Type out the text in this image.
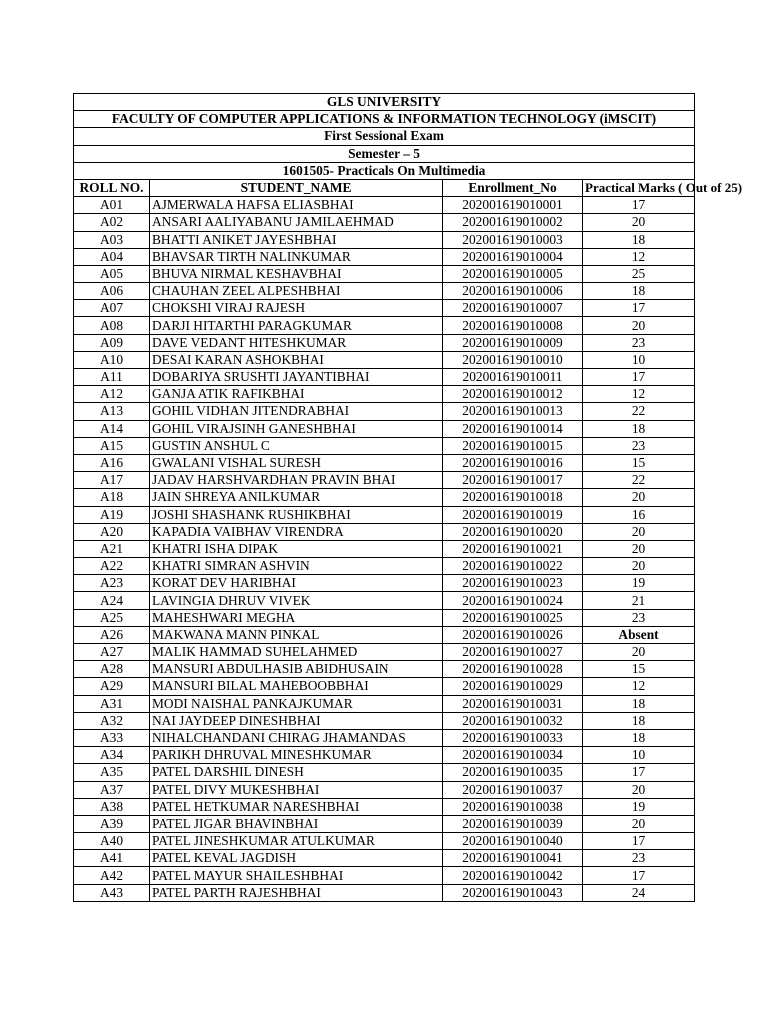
GLS UNIVERSITY			
FACULTY OF COMPUTER APPLICATIONS & INFORMATION TECHNOLOGY (iMSCIT)			
First Sessional Exam			
Semester – 5			
1601505- Practicals On Multimedia			
ROLL NO.	STUDENT_NAME	Enrollment_No	Practical Marks ( Out of 25)
A01	AJMERWALA HAFSA ELIASBHAI	202001619010001	17
A02	ANSARI AALIYABANU JAMILAEHMAD	202001619010002	20
A03	BHATTI ANIKET JAYESHBHAI	202001619010003	18
A04	BHAVSAR TIRTH NALINKUMAR	202001619010004	12
A05	BHUVA NIRMAL KESHAVBHAI	202001619010005	25
A06	CHAUHAN ZEEL ALPESHBHAI	202001619010006	18
A07	CHOKSHI VIRAJ RAJESH	202001619010007	17
A08	DARJI HITARTHI PARAGKUMAR	202001619010008	20
A09	DAVE VEDANT HITESHKUMAR	202001619010009	23
A10	DESAI KARAN ASHOKBHAI	202001619010010	10
A11	DOBARIYA SRUSHTI JAYANTIBHAI	202001619010011	17
A12	GANJA ATIK RAFIKBHAI	202001619010012	12
A13	GOHIL VIDHAN JITENDRABHAI	202001619010013	22
A14	GOHIL VIRAJSINH GANESHBHAI	202001619010014	18
A15	GUSTIN ANSHUL C	202001619010015	23
A16	GWALANI VISHAL SURESH	202001619010016	15
A17	JADAV HARSHVARDHAN PRAVIN BHAI	202001619010017	22
A18	JAIN SHREYA ANILKUMAR	202001619010018	20
A19	JOSHI SHASHANK RUSHIKBHAI	202001619010019	16
A20	KAPADIA VAIBHAV VIRENDRA	202001619010020	20
A21	KHATRI ISHA DIPAK	202001619010021	20
A22	KHATRI SIMRAN ASHVIN	202001619010022	20
A23	KORAT DEV HARIBHAI	202001619010023	19
A24	LAVINGIA DHRUV VIVEK	202001619010024	21
A25	MAHESHWARI MEGHA	202001619010025	23
A26	MAKWANA MANN PINKAL	202001619010026	Absent
A27	MALIK HAMMAD SUHELAHMED	202001619010027	20
A28	MANSURI ABDULHASIB ABIDHUSAIN	202001619010028	15
A29	MANSURI BILAL MAHEBOOBBHAI	202001619010029	12
A31	MODI NAISHAL PANKAJKUMAR	202001619010031	18
A32	NAI JAYDEEP DINESHBHAI	202001619010032	18
A33	NIHALCHANDANI CHIRAG JHAMANDAS	202001619010033	18
A34	PARIKH DHRUVAL MINESHKUMAR	202001619010034	10
A35	PATEL DARSHIL DINESH	202001619010035	17
A37	PATEL DIVY MUKESHBHAI	202001619010037	20
A38	PATEL HETKUMAR NARESHBHAI	202001619010038	19
A39	PATEL JIGAR BHAVINBHAI	202001619010039	20
A40	PATEL JINESHKUMAR ATULKUMAR	202001619010040	17
A41	PATEL KEVAL JAGDISH	202001619010041	23
A42	PATEL MAYUR SHAILESHBHAI	202001619010042	17
A43	PATEL PARTH RAJESHBHAI	202001619010043	24
